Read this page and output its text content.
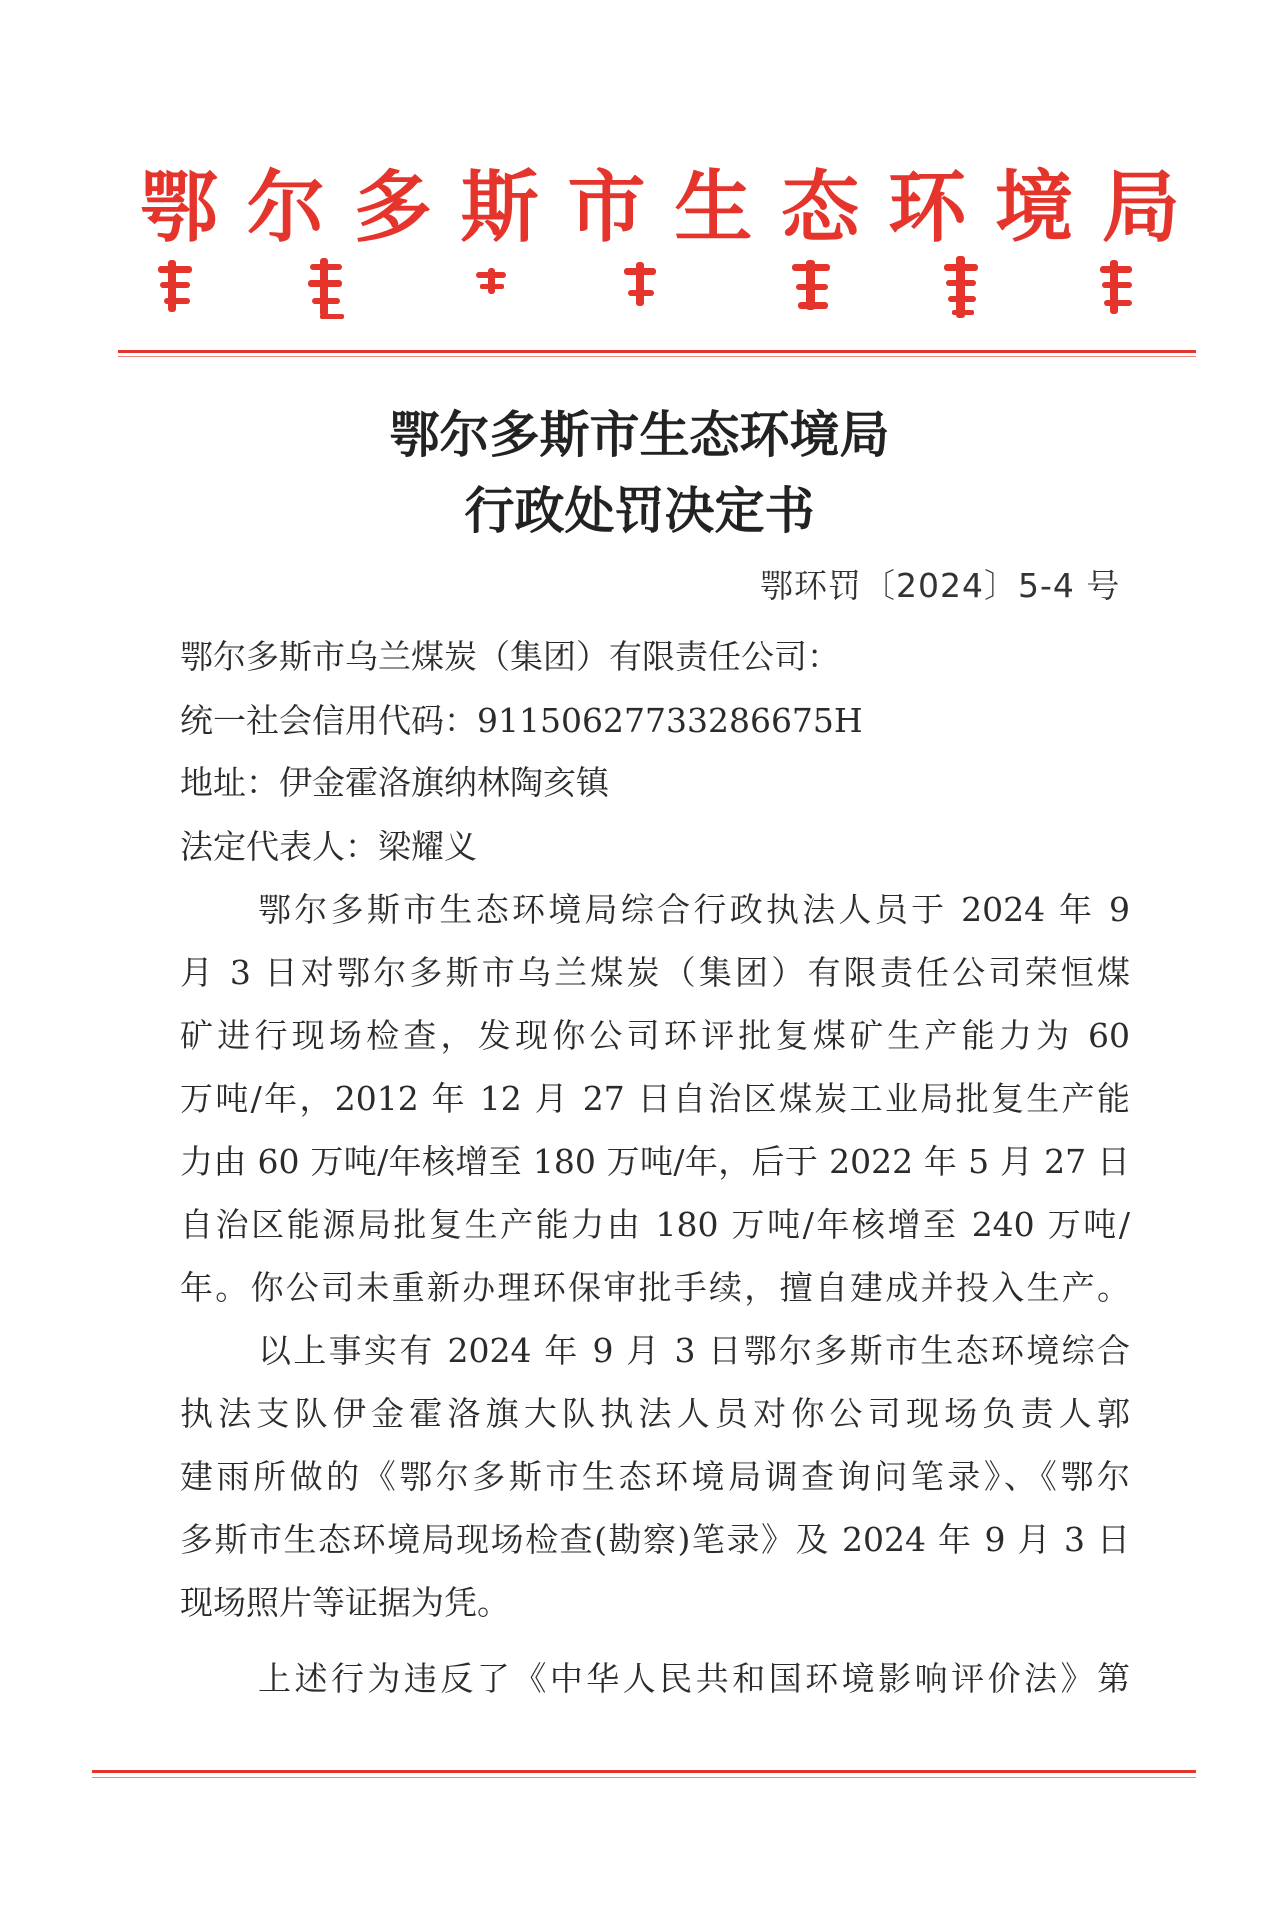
鄂 尔 多 斯 市 生 态 环 境 局
鄂尔多斯市生态环境局
行政处罚决定书
鄂环罚〔2024〕5-4 号
鄂尔多斯市乌兰煤炭（集团）有限责任公司：
统一社会信用代码：91150627733286675H
地址：伊金霍洛旗纳林陶亥镇
法定代表人：梁耀义
鄂尔多斯市生态环境局综合行政执法人员于 2024 年 9
月 3 日对鄂尔多斯市乌兰煤炭（集团）有限责任公司荣恒煤
矿进行现场检查，发现你公司环评批复煤矿生产能力为 60
万吨/年，2012 年 12 月 27 日自治区煤炭工业局批复生产能
力由 60 万吨/年核增至 180 万吨/年，后于 2022 年 5 月 27 日
自治区能源局批复生产能力由 180 万吨/年核增至 240 万吨/
年。你公司未重新办理环保审批手续，擅自建成并投入生产。
以上事实有 2024 年 9 月 3 日鄂尔多斯市生态环境综合
执法支队伊金霍洛旗大队执法人员对你公司现场负责人郭
建雨所做的《鄂尔多斯市生态环境局调查询问笔录》、《鄂尔
多斯市生态环境局现场检查(勘察)笔录》及 2024 年 9 月 3 日
现场照片等证据为凭。
上述行为违反了《中华人民共和国环境影响评价法》第
